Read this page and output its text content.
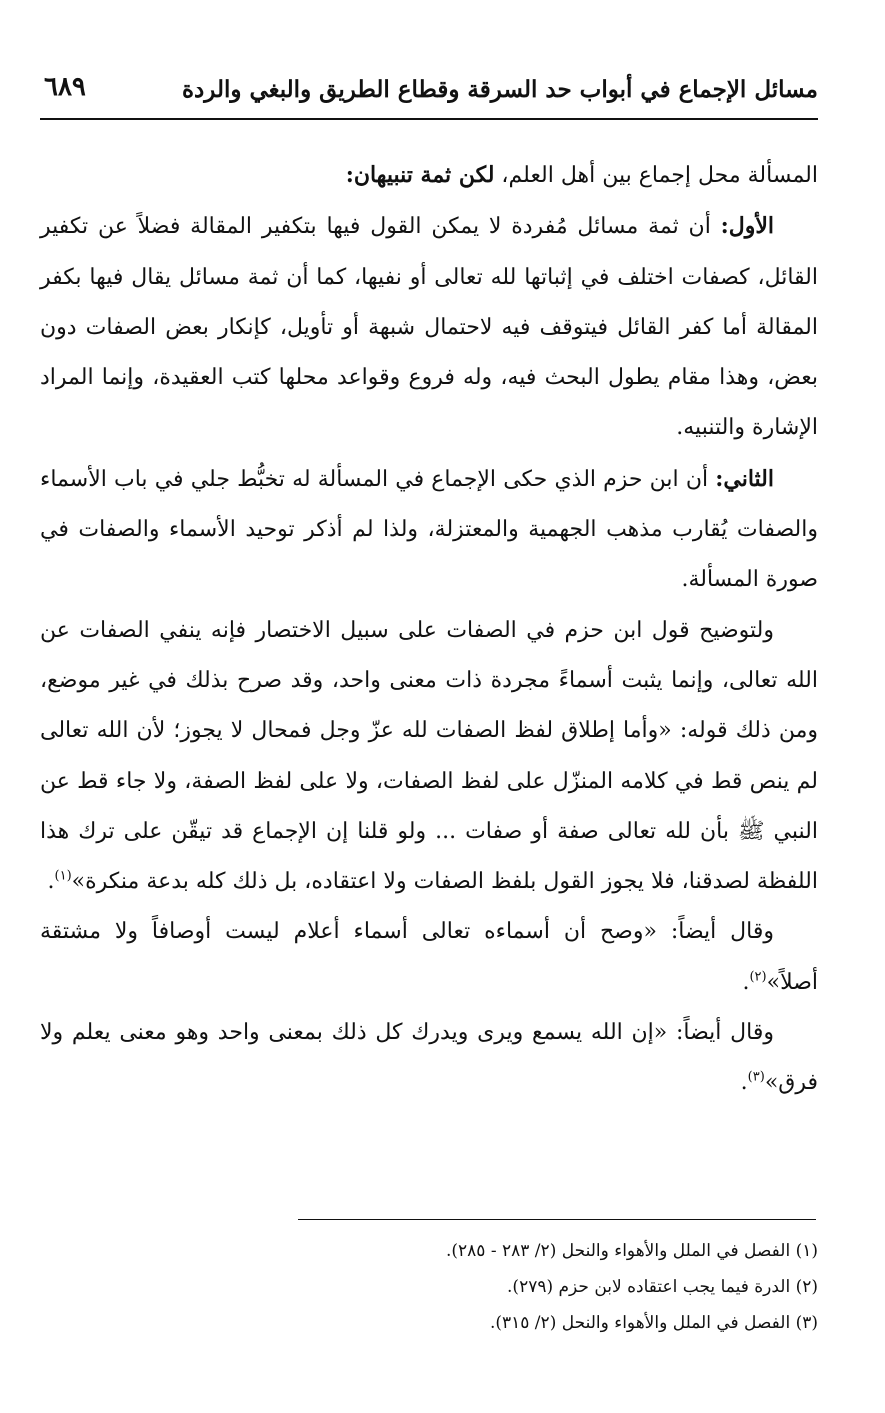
مسائل الإجماع في أبواب حد السرقة وقطاع الطريق والبغي والردة
٦٨٩

المسألة محل إجماع بين أهل العلم، لكن ثمة تنبيهان:

الأول: أن ثمة مسائل مُفردة لا يمكن القول فيها بتكفير المقالة فضلاً عن تكفير القائل، كصفات اختلف في إثباتها لله تعالى أو نفيها، كما أن ثمة مسائل يقال فيها بكفر المقالة أما كفر القائل فيتوقف فيه لاحتمال شبهة أو تأويل، كإنكار بعض الصفات دون بعض، وهذا مقام يطول البحث فيه، وله فروع وقواعد محلها كتب العقيدة، وإنما المراد الإشارة والتنبيه.

الثاني: أن ابن حزم الذي حكى الإجماع في المسألة له تخبُّط جلي في باب الأسماء والصفات يُقارب مذهب الجهمية والمعتزلة، ولذا لم أذكر توحيد الأسماء والصفات في صورة المسألة.

ولتوضيح قول ابن حزم في الصفات على سبيل الاختصار فإنه ينفي الصفات عن الله تعالى، وإنما يثبت أسماءً مجردة ذات معنى واحد، وقد صرح بذلك في غير موضع، ومن ذلك قوله: «وأما إطلاق لفظ الصفات لله عزّ وجل فمحال لا يجوز؛ لأن الله تعالى لم ينص قط في كلامه المنزّل على لفظ الصفات، ولا على لفظ الصفة، ولا جاء قط عن النبي ﷺ بأن لله تعالى صفة أو صفات ... ولو قلنا إن الإجماع قد تيقّن على ترك هذا اللفظة لصدقنا، فلا يجوز القول بلفظ الصفات ولا اعتقاده، بل ذلك كله بدعة منكرة»$^{(١)}$.

وقال أيضاً: «وصح أن أسماءه تعالى أسماء أعلام ليست أوصافاً ولا مشتقة أصلاً»$^{(٢)}$.

وقال أيضاً: «إن الله يسمع ويرى ويدرك كل ذلك بمعنى واحد وهو معنى يعلم ولا فرق»$^{(٣)}$.

(١) الفصل في الملل والأهواء والنحل (٢/ ٢٨٣ - ٢٨٥).
(٢) الدرة فيما يجب اعتقاده لابن حزم (٢٧٩).
(٣) الفصل في الملل والأهواء والنحل (٢/ ٣١٥).
